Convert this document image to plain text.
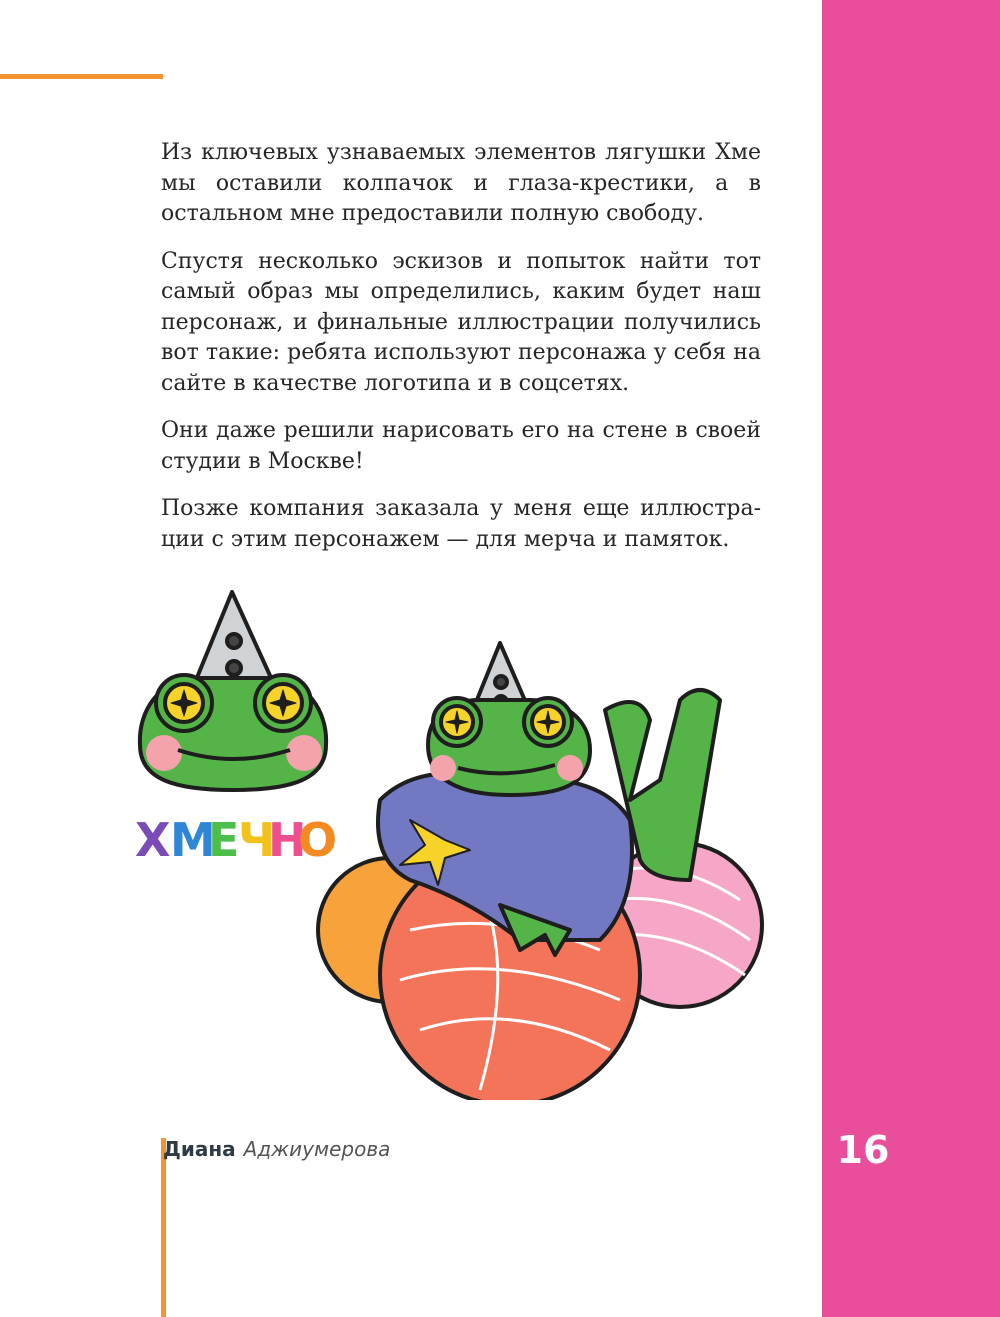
16

Из ключевых узнаваемых элементов лягушки Хме мы оставили колпачок и глаза-крестики, а в остальном мне предоставили полную свободу.

Спустя несколько эскизов и попыток найти тот самый образ мы определились, каким будет наш персонаж, и финальные иллюстрации получились вот такие: ребята используют персонажа у себя на сайте в качестве логотипа и в соцсетях.

Они даже решили нарисовать его на стене в своей студии в Москве!

Позже компания заказала у меня еще иллюстрации с этим персонажем — для мерча и памяток.

Х М
Е
Ч
Н
О
Диана Аджиумерова
